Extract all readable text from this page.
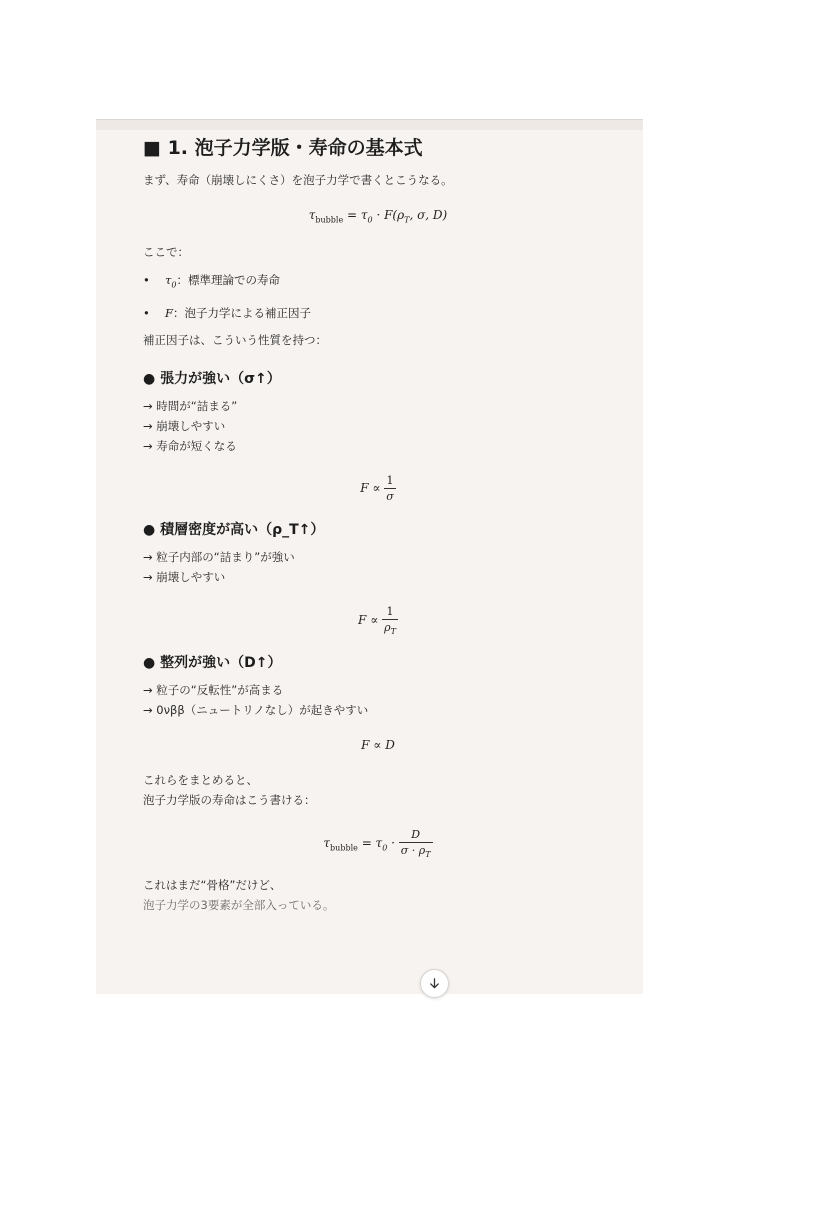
■ 1. 泡子力学版・寿命の基本式

まず、寿命（崩壊しにくさ）を泡子力学で書くとこうなる。

$\tau_{bubble} = \tau_0 \cdot F(\rho_T$, σ, D)

ここで：

• $\tau_0$：標準理論での寿命
• F：泡子力学による補正因子

補正因子は、こういう性質を持つ：

● 張力が強い（σ↑）

→ 時間が“詰まる”

→ 崩壊しやすい

→ 寿命が短くなる

$F \propto \frac{1}{\sigma}$
● 積層密度が高い（ρ_T↑）

→ 粒子内部の“詰まり”が強い

→ 崩壊しやすい

$F \propto \frac{1}{\rho_T}$
● 整列が強い（D↑）

→ 粒子の“反転性”が高まる

→ 0νββ（ニュートリノなし）が起きやすい

F ∝ D

これらをまとめると、

泡子力学版の寿命はこう書ける：

$\tau_{bubble} = \tau_0 \cdot \frac{D}{\sigma \cdot \rho_T}$

これはまだ“骨格”だけど、

泡子力学の3要素が全部入っている。
